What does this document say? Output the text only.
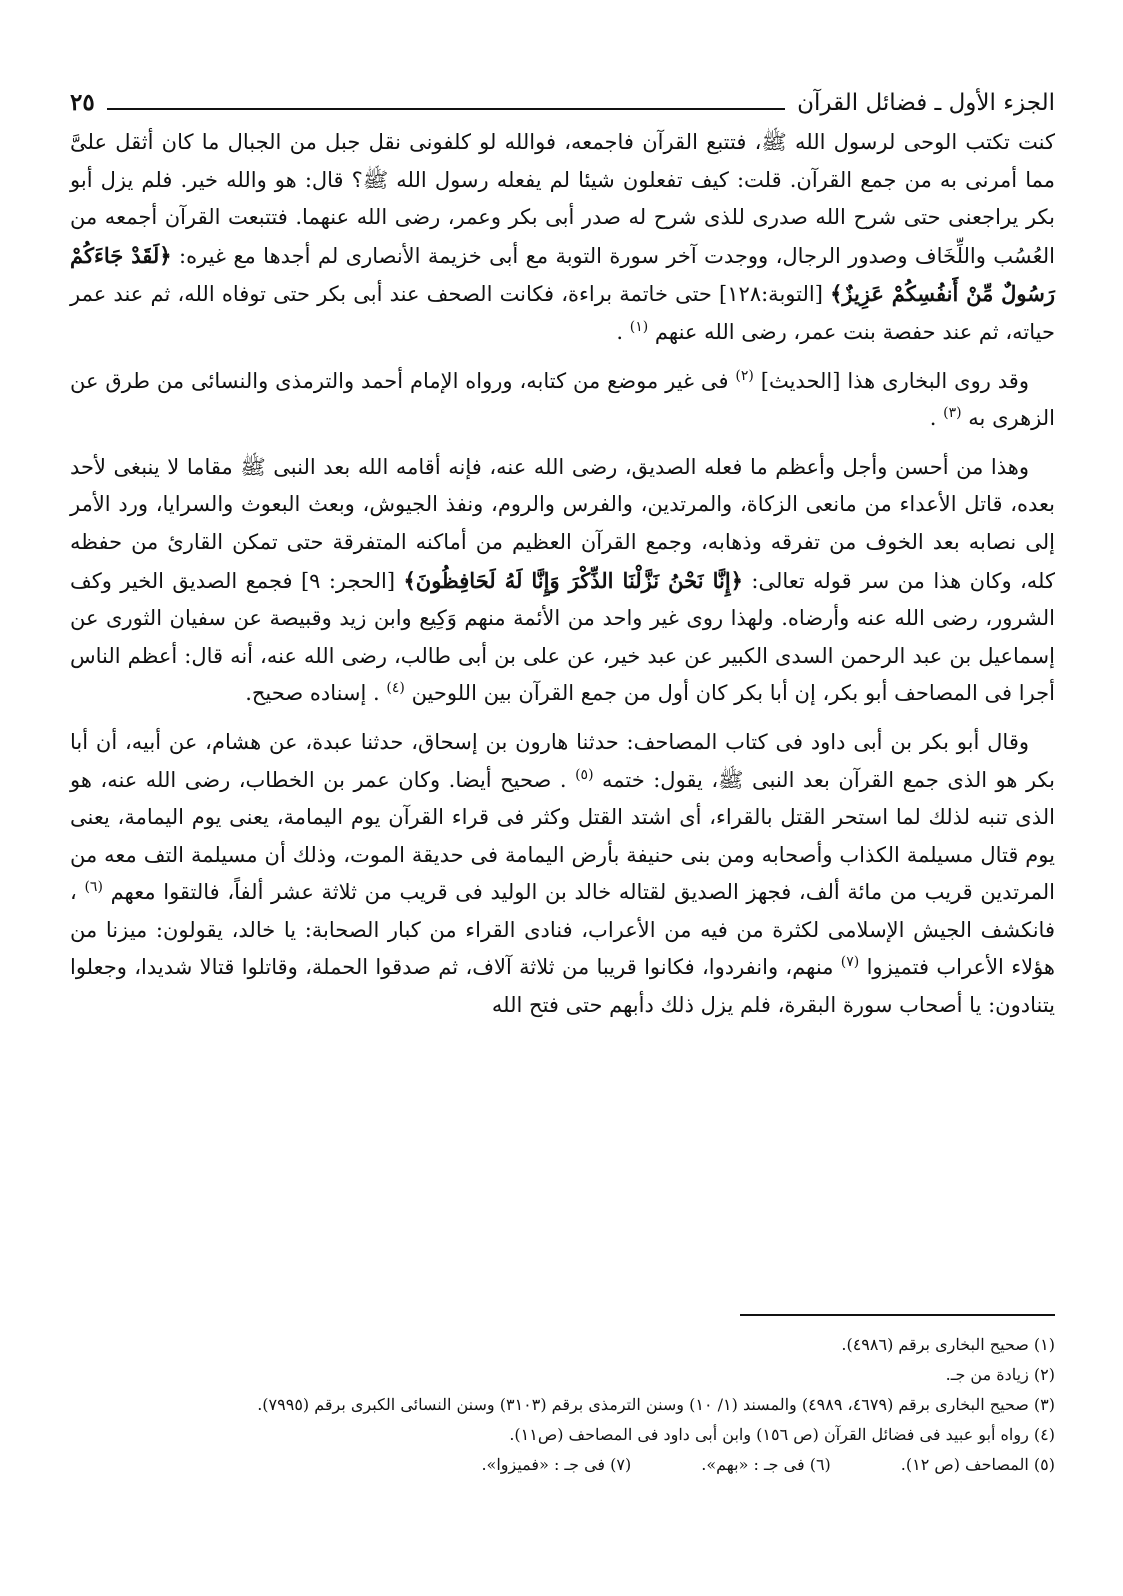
الجزء الأول ـ فضائل القرآن
٢٥

كنت تكتب الوحى لرسول الله ﷺ، فتتبع القرآن فاجمعه، فوالله لو كلفونى نقل جبل من الجبال ما كان أثقل علىَّ مما أمرنى به من جمع القرآن. قلت: كيف تفعلون شيئا لم يفعله رسول الله ﷺ؟ قال: هو والله خير. فلم يزل أبو بكر يراجعنى حتى شرح الله صدرى للذى شرح له صدر أبى بكر وعمر، رضى الله عنهما. فتتبعت القرآن أجمعه من العُسُب واللِّخَاف وصدور الرجال، ووجدت آخر سورة التوبة مع أبى خزيمة الأنصارى لم أجدها مع غيره: ﴿لَقَدْ جَاءَكُمْ رَسُولٌ مِّنْ أَنفُسِكُمْ عَزِيزٌ﴾ [التوبة:١٢٨] حتى خاتمة براءة، فكانت الصحف عند أبى بكر حتى توفاه الله، ثم عند عمر حياته، ثم عند حفصة بنت عمر، رضى الله عنهم $^{(١)}$ .

وقد روى البخارى هذا [الحديث] $^{(٢)}$ فى غير موضع من كتابه، ورواه الإمام أحمد والترمذى والنسائى من طرق عن الزهرى به $^{(٣)}$ .

وهذا من أحسن وأجل وأعظم ما فعله الصديق، رضى الله عنه، فإنه أقامه الله بعد النبى ﷺ مقاما لا ينبغى لأحد بعده، قاتل الأعداء من مانعى الزكاة، والمرتدين، والفرس والروم، ونفذ الجيوش، وبعث البعوث والسرايا، ورد الأمر إلى نصابه بعد الخوف من تفرقه وذهابه، وجمع القرآن العظيم من أماكنه المتفرقة حتى تمكن القارئ من حفظه كله، وكان هذا من سر قوله تعالى: ﴿إِنَّا نَحْنُ نَزَّلْنَا الذِّكْرَ وَإِنَّا لَهُ لَحَافِظُونَ﴾ [الحجر: ٩] فجمع الصديق الخير وكف الشرور، رضى الله عنه وأرضاه. ولهذا روى غير واحد من الأئمة منهم وَكِيع وابن زيد وقبيصة عن سفيان الثورى عن إسماعيل بن عبد الرحمن السدى الكبير عن عبد خير، عن على بن أبى طالب، رضى الله عنه، أنه قال: أعظم الناس أجرا فى المصاحف أبو بكر، إن أبا بكر كان أول من جمع القرآن بين اللوحين $^{(٤)}$ . إسناده صحيح.

وقال أبو بكر بن أبى داود فى كتاب المصاحف: حدثنا هارون بن إسحاق، حدثنا عبدة، عن هشام، عن أبيه، أن أبا بكر هو الذى جمع القرآن بعد النبى ﷺ، يقول: ختمه $^{(٥)}$ . صحيح أيضا. وكان عمر بن الخطاب، رضى الله عنه، هو الذى تنبه لذلك لما استحر القتل بالقراء، أى اشتد القتل وكثر فى قراء القرآن يوم اليمامة، يعنى يوم اليمامة، يعنى يوم قتال مسيلمة الكذاب وأصحابه ومن بنى حنيفة بأرض اليمامة فى حديقة الموت، وذلك أن مسيلمة التف معه من المرتدين قريب من مائة ألف، فجهز الصديق لقتاله خالد بن الوليد فى قريب من ثلاثة عشر ألفاً، فالتقوا معهم $^{(٦)}$ ، فانكشف الجيش الإسلامى لكثرة من فيه من الأعراب، فنادى القراء من كبار الصحابة: يا خالد، يقولون: ميزنا من هؤلاء الأعراب فتميزوا $^{(٧)}$ منهم، وانفردوا، فكانوا قريبا من ثلاثة آلاف، ثم صدقوا الحملة، وقاتلوا قتالا شديدا، وجعلوا يتنادون: يا أصحاب سورة البقرة، فلم يزل ذلك دأبهم حتى فتح الله

(١) صحيح البخارى برقم (٤٩٨٦).
(٢) زيادة من جـ.
(٣) صحيح البخارى برقم (٤٦٧٩، ٤٩٨٩) والمسند (١/ ١٠) وسنن الترمذى برقم (٣١٠٣) وسنن النسائى الكبرى برقم (٧٩٩٥).
(٤) رواه أبو عبيد فى فضائل القرآن (ص ١٥٦) وابن أبى داود فى المصاحف (ص١١).
(٥) المصاحف (ص ١٢).
(٦) فى جـ : «بهم».
(٧) فى جـ : «فميزوا».
